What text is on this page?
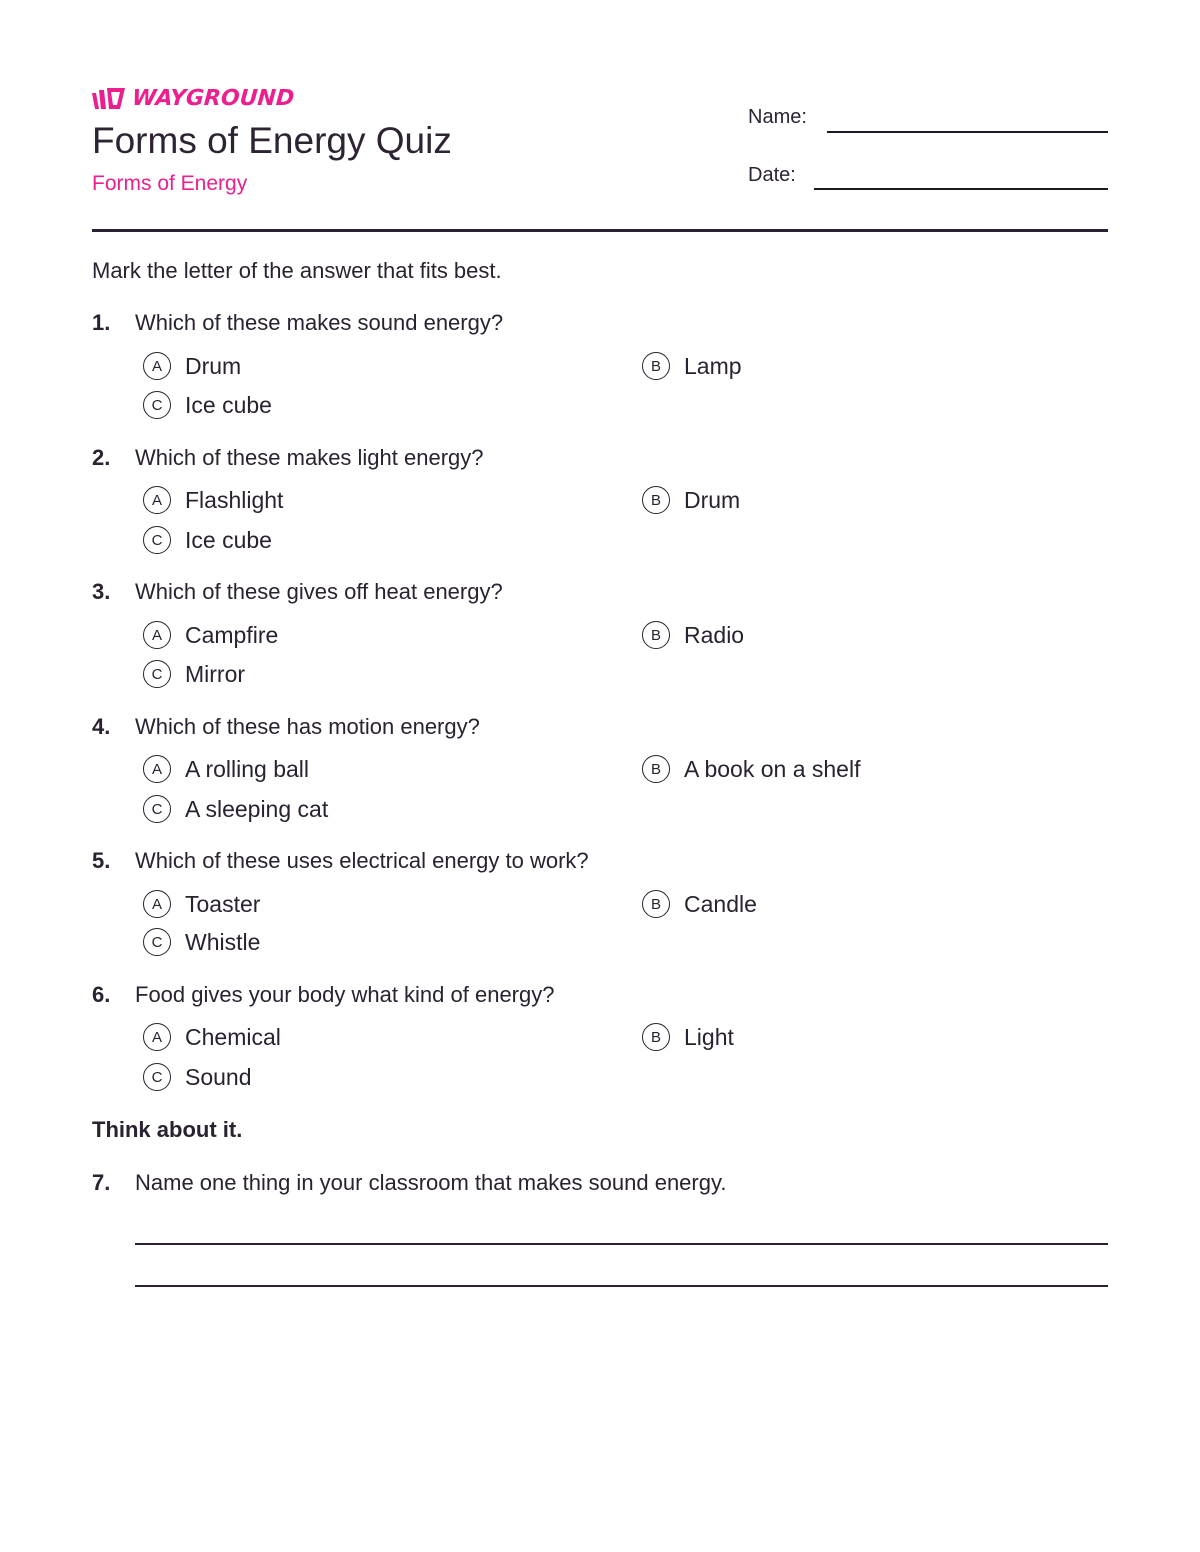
WAYGROUND
Forms of Energy Quiz
Forms of Energy
Name:
Date:
Mark the letter of the answer that fits best.
1. Which of these makes sound energy?
A	Drum	B	Lamp
C Ice cube
2. Which of these makes light energy?
A	Flashlight	B	Drum
C Ice cube
3. Which of these gives off heat energy?
A	Campfire	B	Radio
C Mirror
4. Which of these has motion energy?
A	A rolling ball	B	A book on a shelf
C A sleeping cat
5. Which of these uses electrical energy to work?
A	Toaster	B	Candle
C Whistle
6. Food gives your body what kind of energy?
A	Chemical	B	Light
C Sound
Think about it.
7. Name one thing in your classroom that makes sound energy.
